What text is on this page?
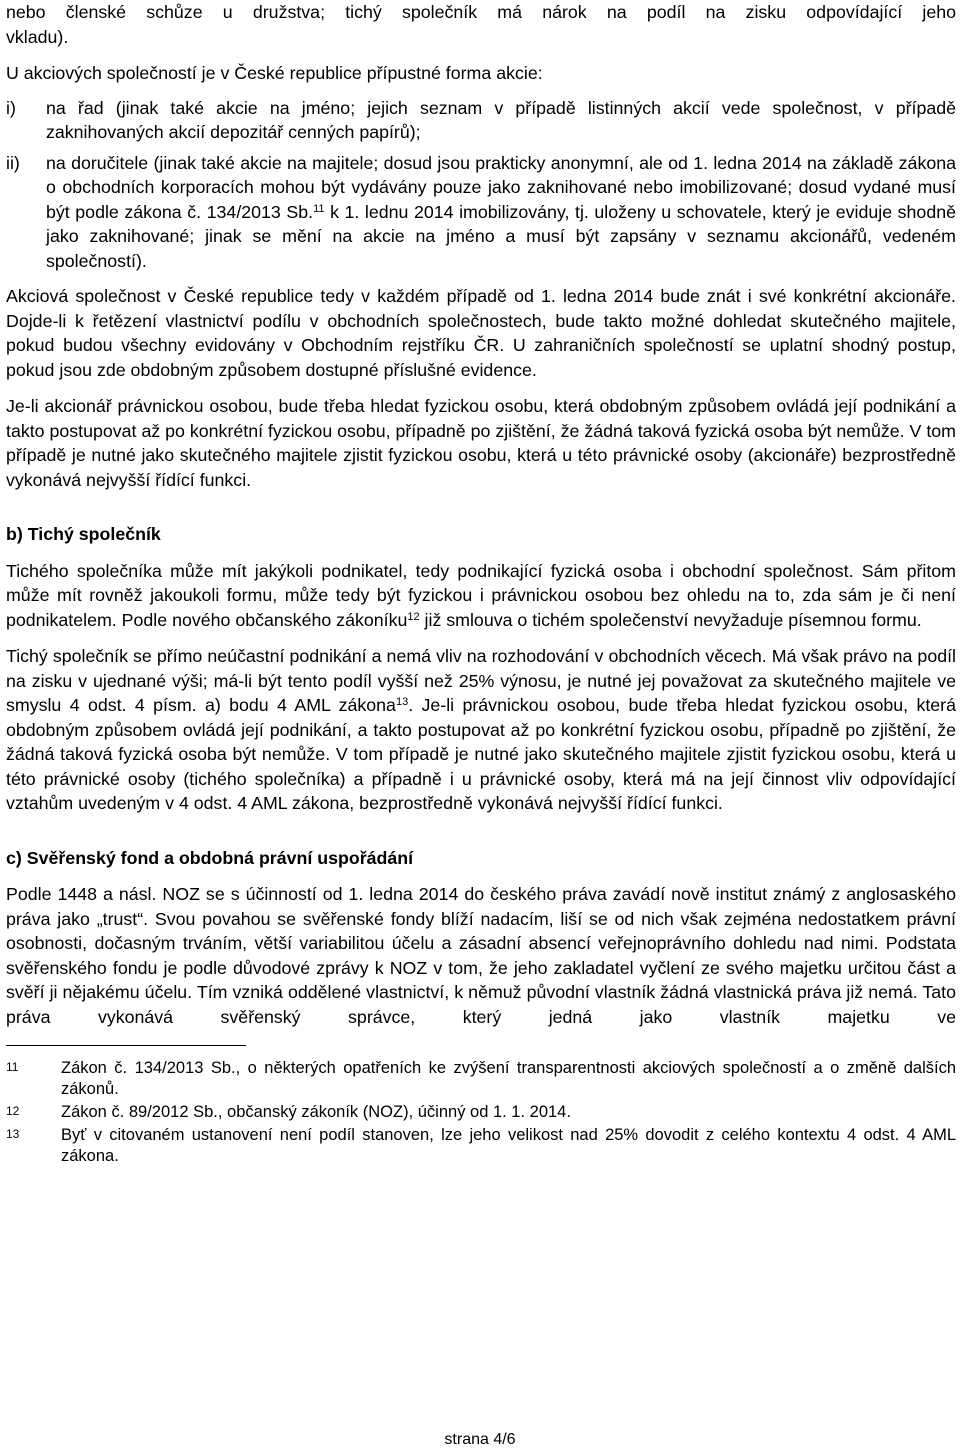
nebo členské schůze u družstva; tichý společník má nárok na podíl na zisku odpovídající jeho

vkladu).

U akciových společností je v České republice přípustné forma akcie:

i)	na řad (jinak také akcie na jméno; jejich seznam v případě listinných akcií vede společnost, v případě zaknihovaných akcií depozitář cenných papírů);
ii)	na doručitele (jinak také akcie na majitele; dosud jsou prakticky anonymní, ale od 1. ledna 2014 na základě zákona o obchodních korporacích mohou být vydávány pouze jako zaknihované nebo imobilizované; dosud vydané musí být podle zákona č. 134/2013 Sb.$^{11}$ k 1. lednu 2014 imobilizovány, tj. uloženy u schovatele, který je eviduje shodně jako zaknihované; jinak se mění na akcie na jméno a musí být zapsány v seznamu akcionářů, vedeném společností).

Akciová společnost v České republice tedy v každém případě od 1. ledna 2014 bude znát i své konkrétní akcionáře. Dojde-li k řetězení vlastnictví podílu v obchodních společnostech, bude takto možné dohledat skutečného majitele, pokud budou všechny evidovány v Obchodním rejstříku ČR. U zahraničních společností se uplatní shodný postup, pokud jsou zde obdobným způsobem dostupné příslušné evidence.

Je-li akcionář právnickou osobou, bude třeba hledat fyzickou osobu, která obdobným způsobem ovládá její podnikání a takto postupovat až po konkrétní fyzickou osobu, případně po zjištění, že žádná taková fyzická osoba být nemůže. V tom případě je nutné jako skutečného majitele zjistit fyzickou osobu, která u této právnické osoby (akcionáře) bezprostředně vykonává nejvyšší řídící funkci.

b) Tichý společník

Tichého společníka může mít jakýkoli podnikatel, tedy podnikající fyzická osoba i obchodní společnost. Sám přitom může mít rovněž jakoukoli formu, může tedy být fyzickou i právnickou osobou bez ohledu na to, zda sám je či není podnikatelem. Podle nového občanského zákoníku$^{12}$ již smlouva o tichém společenství nevyžaduje písemnou formu.

Tichý společník se přímo neúčastní podnikání a nemá vliv na rozhodování v obchodních věcech. Má však právo na podíl na zisku v ujednané výši; má-li být tento podíl vyšší než 25% výnosu, je nutné jej považovat za skutečného majitele ve smyslu 4 odst. 4 písm. a) bodu 4 AML zákona$^{13}$. Je-li právnickou osobou, bude třeba hledat fyzickou osobu, která obdobným způsobem ovládá její podnikání, a takto postupovat až po konkrétní fyzickou osobu, případně po zjištění, že žádná taková fyzická osoba být nemůže. V tom případě je nutné jako skutečného majitele zjistit fyzickou osobu, která u této právnické osoby (tichého společníka) a případně i u právnické osoby, která má na její činnost vliv odpovídající vztahům uvedeným v 4 odst. 4 AML zákona, bezprostředně vykonává nejvyšší řídící funkci.

c) Svěřenský fond a obdobná právní uspořádání

Podle 1448 a násl. NOZ se s účinností od 1. ledna 2014 do českého práva zavádí nově institut známý z anglosaského práva jako „trust“. Svou povahou se svěřenské fondy blíží nadacím, liší se od nich však zejména nedostatkem právní osobnosti, dočasným trváním, větší variabilitou účelu a zásadní absencí veřejnoprávního dohledu nad nimi. Podstata svěřenského fondu je podle důvodové zprávy k NOZ v tom, že jeho zakladatel vyčlení ze svého majetku určitou část a svěří ji nějakému účelu. Tím vzniká oddělené vlastnictví, k němuž původní vlastník žádná vlastnická práva již nemá. Tato práva vykonává svěřenský správce, který jedná jako vlastník majetku ve

11	Zákon č. 134/2013 Sb., o některých opatřeních ke zvýšení transparentnosti akciových společností a o změně dalších zákonů.
12	Zákon č. 89/2012 Sb., občanský zákoník (NOZ), účinný od 1. 1. 2014.
13	Byť v citovaném ustanovení není podíl stanoven, lze jeho velikost nad 25% dovodit z celého kontextu 4 odst. 4 AML zákona.
strana 4/6
